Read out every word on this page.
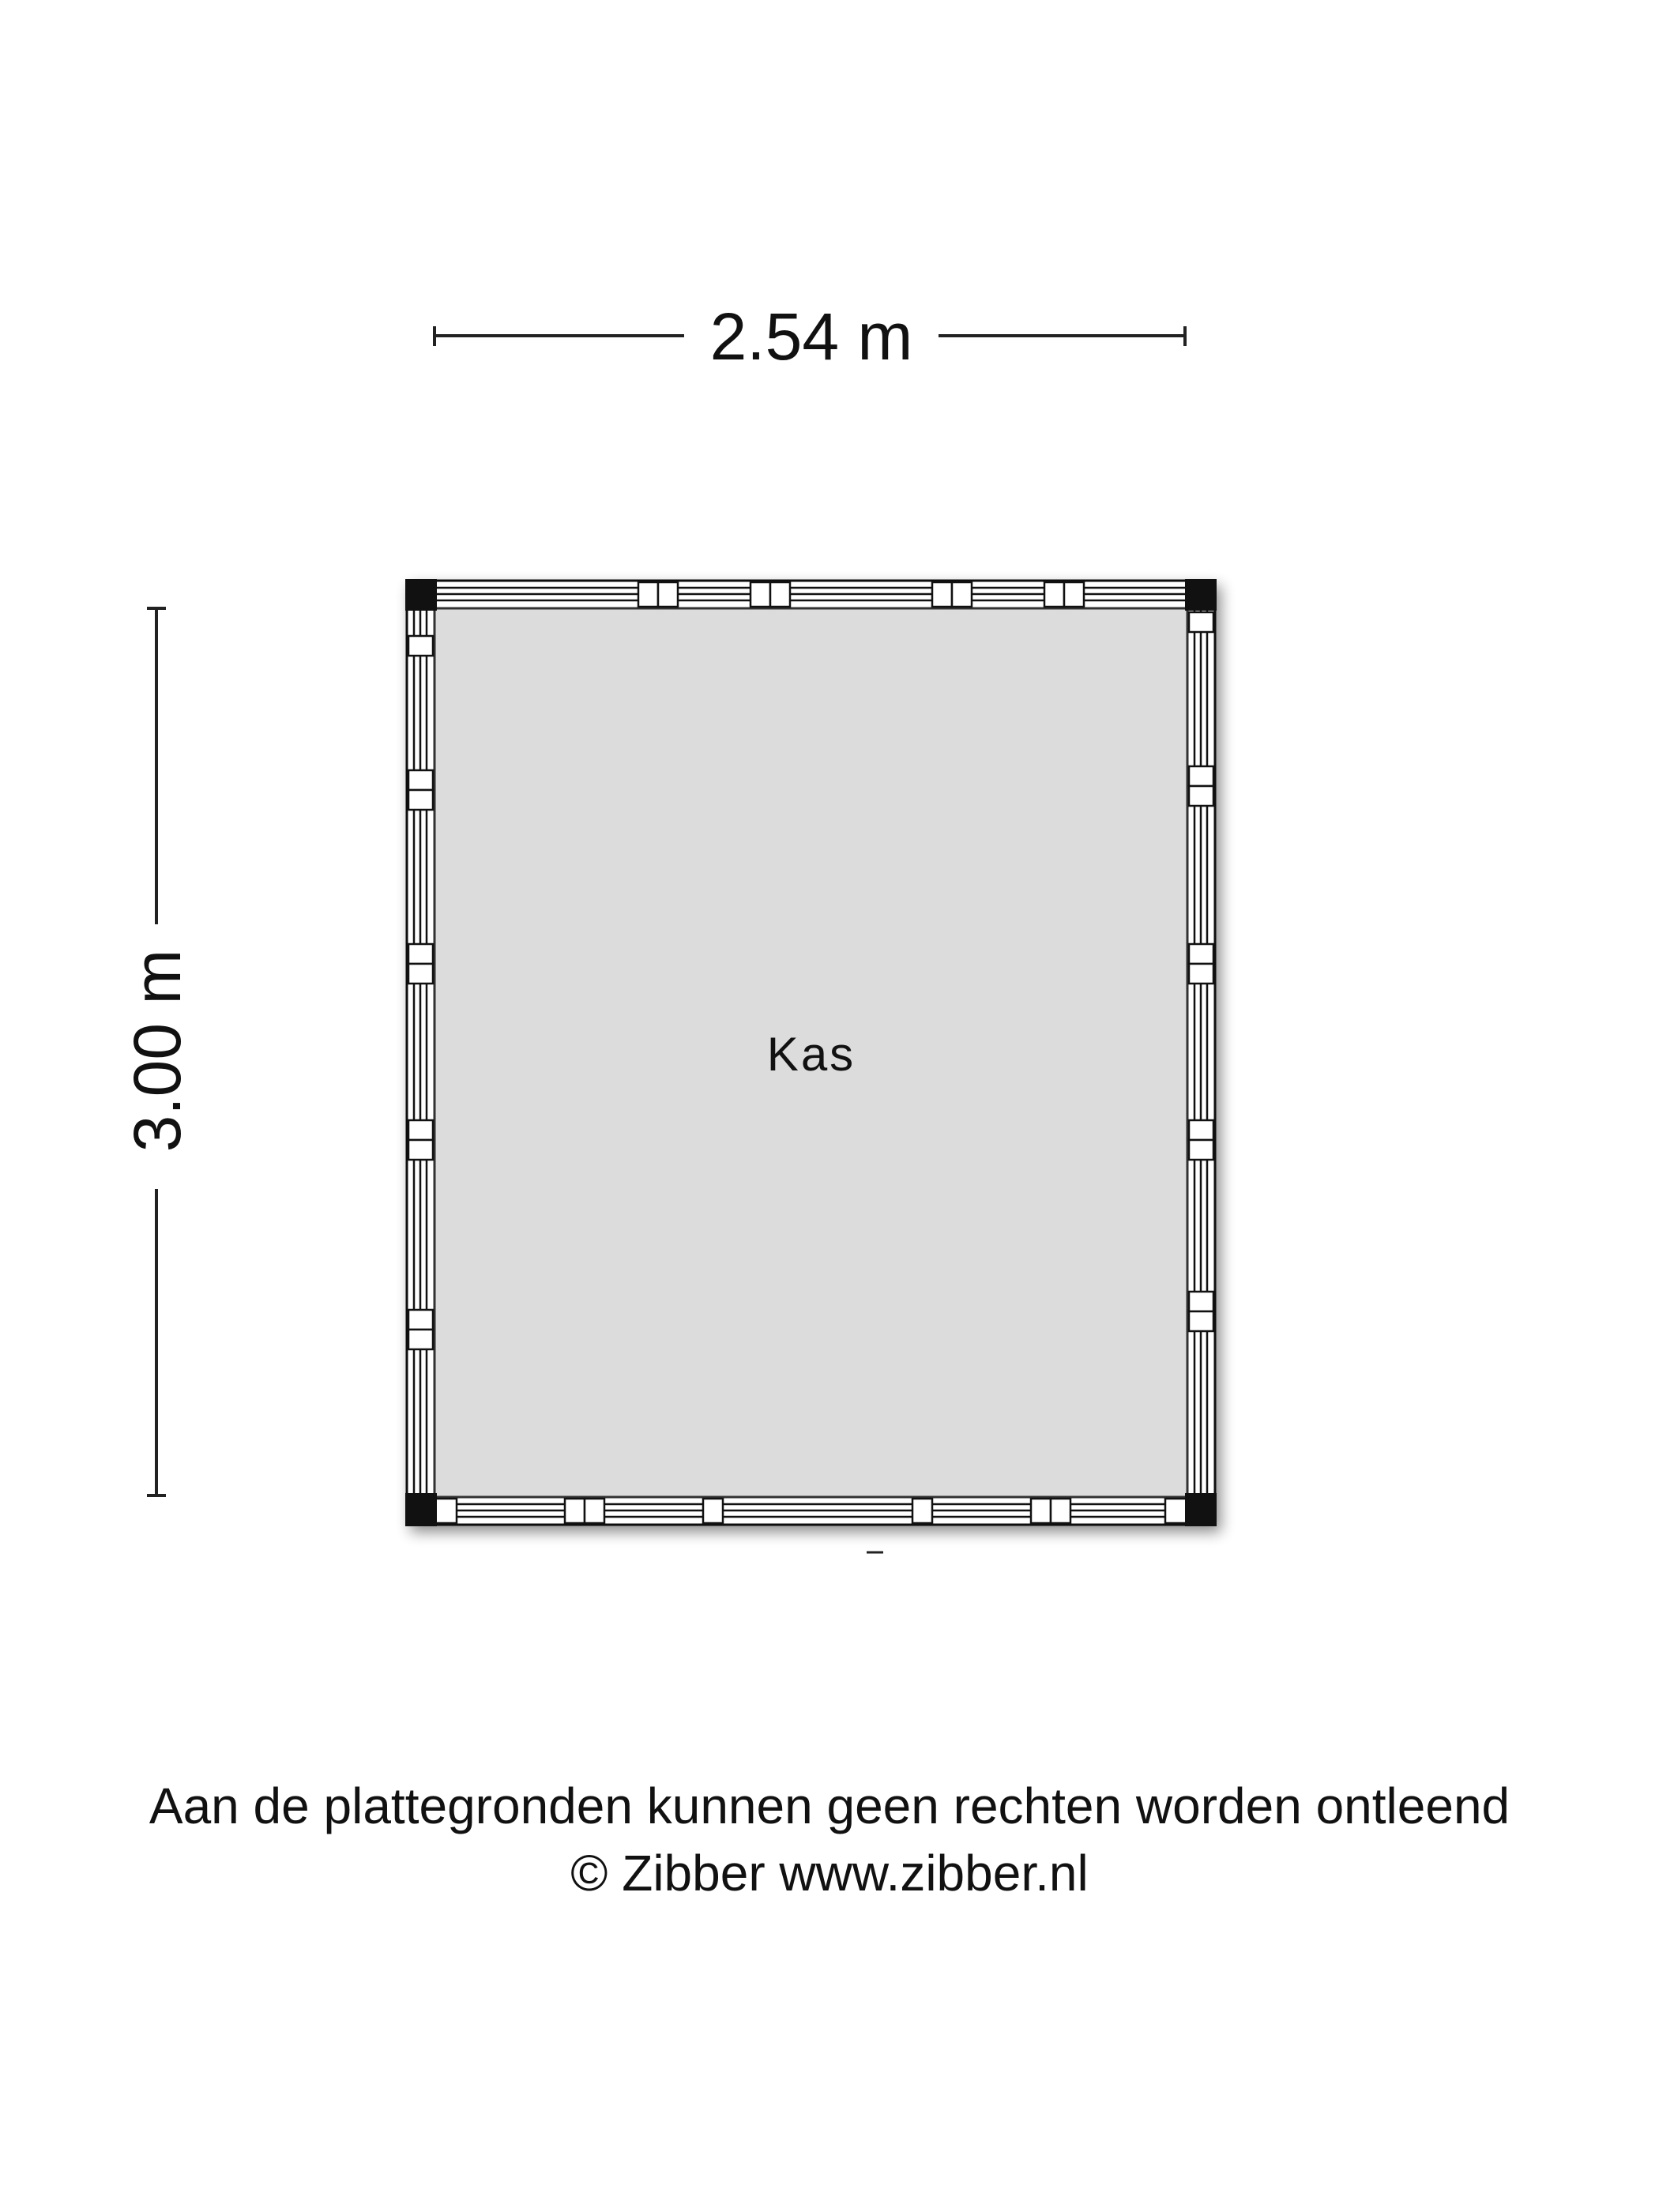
2.54 m
3.00 m	Kas
Aan de plattegronden kunnen geen rechten worden ontleend
© Zibber www.zibber.nl
